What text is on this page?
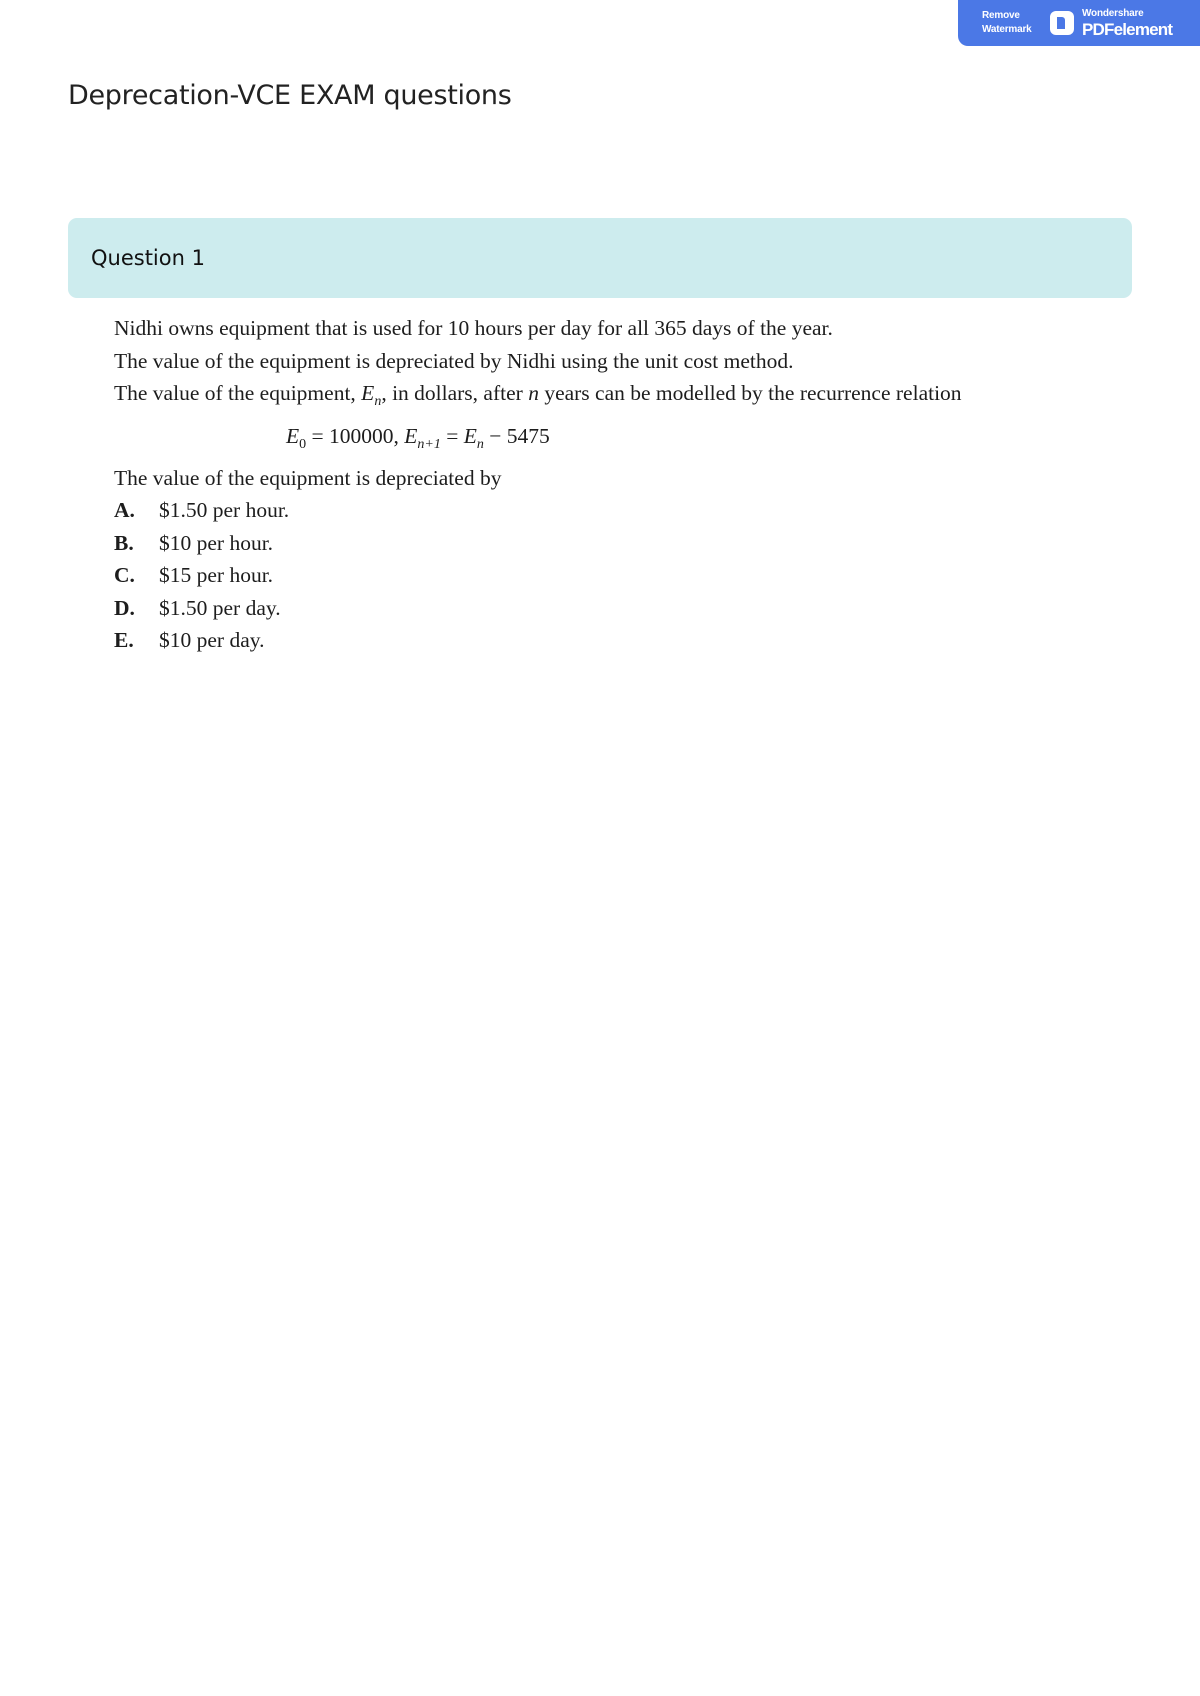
Remove
Watermark
Wondershare
PDFelement
Deprecation-VCE EXAM questions
Question 1
Nidhi owns equipment that is used for 10 hours per day for all 365 days of the year.
The value of the equipment is depreciated by Nidhi using the unit cost method.
The value of the equipment, $E_n$, in dollars, after n years can be modelled by the recurrence relation
$E_0 = 100000$, $E_{n+1} = E_n - 5475$
The value of the equipment is depreciated by
A.	$1.50 per hour.
B.	$10 per hour.
C.	$15 per hour.
D.	$1.50 per day.
E.	$10 per day.
